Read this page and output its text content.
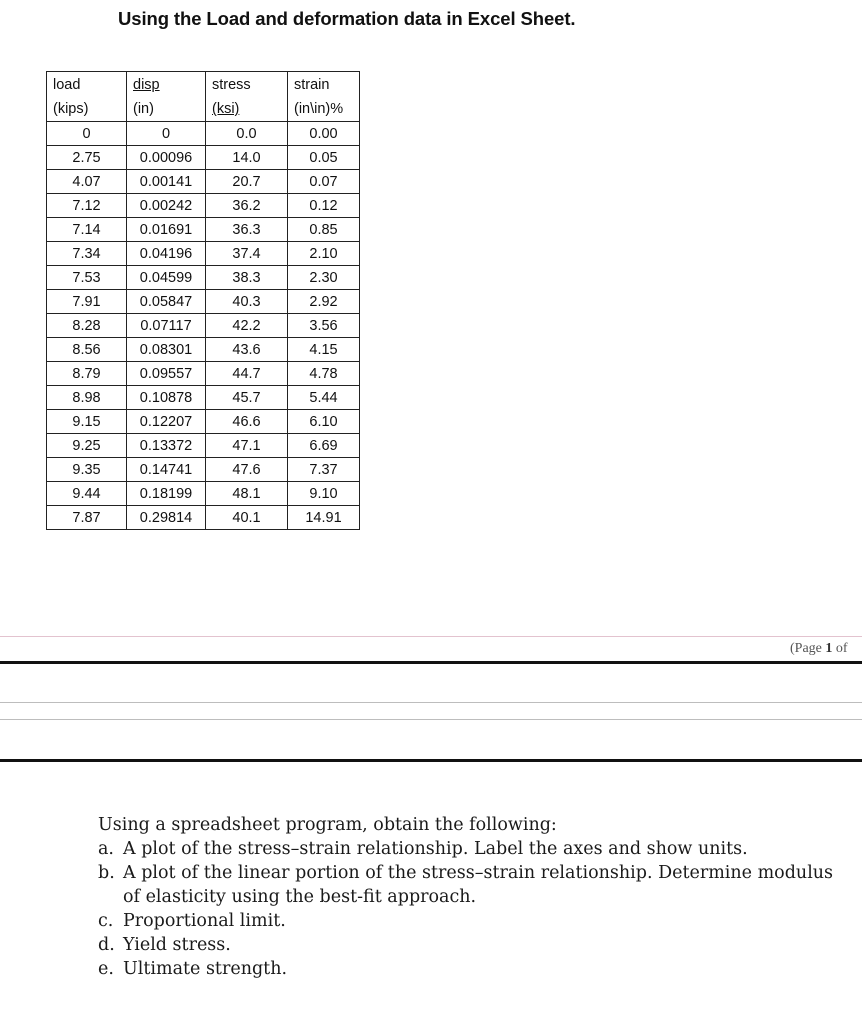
Using the Load and deformation data in Excel Sheet.
load	disp	stress	strain
(kips)	(in)	(ksi)	(in\in)%
0	0	0.0	0.00
2.75	0.00096	14.0	0.05
4.07	0.00141	20.7	0.07
7.12	0.00242	36.2	0.12
7.14	0.01691	36.3	0.85
7.34	0.04196	37.4	2.10
7.53	0.04599	38.3	2.30
7.91	0.05847	40.3	2.92
8.28	0.07117	42.2	3.56
8.56	0.08301	43.6	4.15
8.79	0.09557	44.7	4.78
8.98	0.10878	45.7	5.44
9.15	0.12207	46.6	6.10
9.25	0.13372	47.1	6.69
9.35	0.14741	47.6	7.37
9.44	0.18199	48.1	9.10
7.87	0.29814	40.1	14.91
(Page 1 of

Using a spreadsheet program, obtain the following:

a. A plot of the stress–strain relationship. Label the axes and show units.
b. A plot of the linear portion of the stress–strain relationship. Determine modulus of elasticity using the best-fit approach.
c. Proportional limit.
d. Yield stress.
e. Ultimate strength.
